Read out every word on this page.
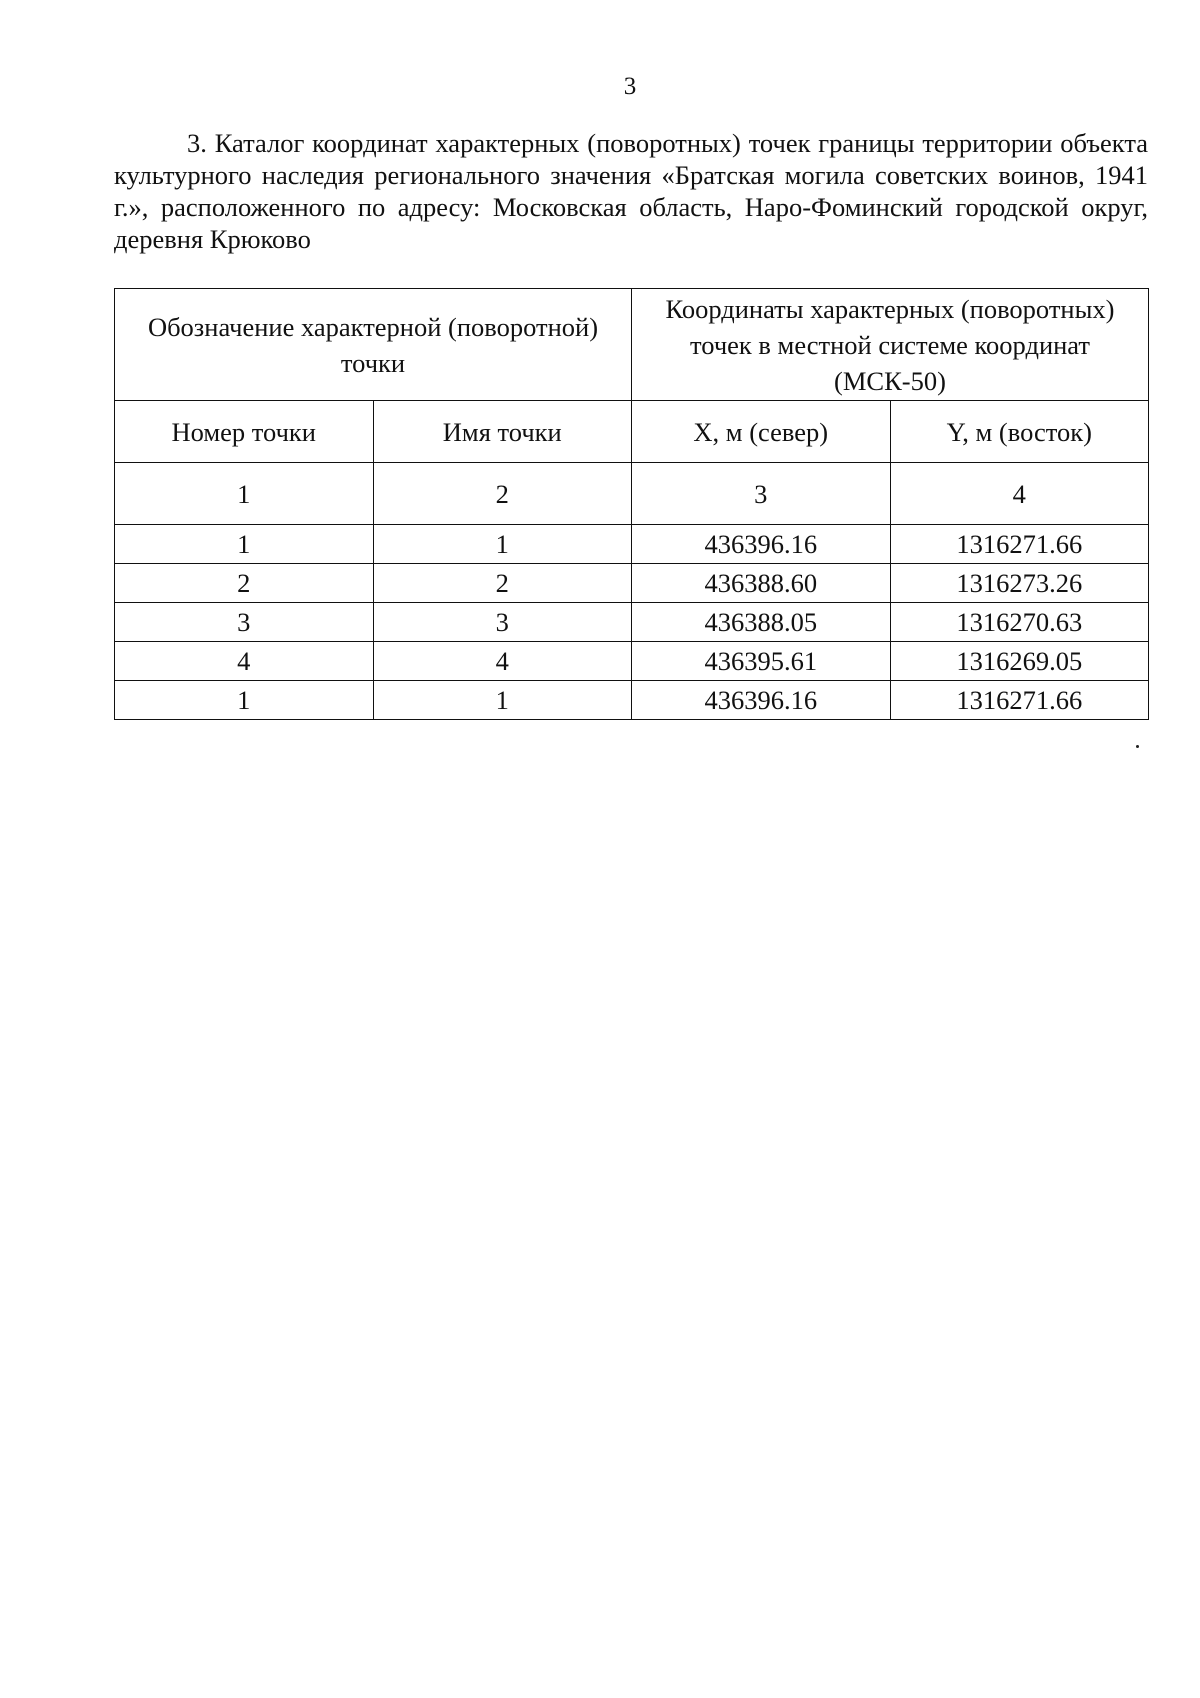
3

3. Каталог координат характерных (поворотных) точек границы территории объекта культурного наследия регионального значения «Братская могила советских воинов, 1941 г.», расположенного по адресу: Московская область, Наро-Фоминский городской округ, деревня Крюково

Обозначение характерной (поворотной) точки		Координаты характерных (поворотных) точек в местной системе координат (МСК-50)	
Номер точки	Имя точки	X, м (север)	Y, м (восток)
1	2	3	4
1	1	436396.16	1316271.66
2	2	436388.60	1316273.26
3	3	436388.05	1316270.63
4	4	436395.61	1316269.05
1	1	436396.16	1316271.66
